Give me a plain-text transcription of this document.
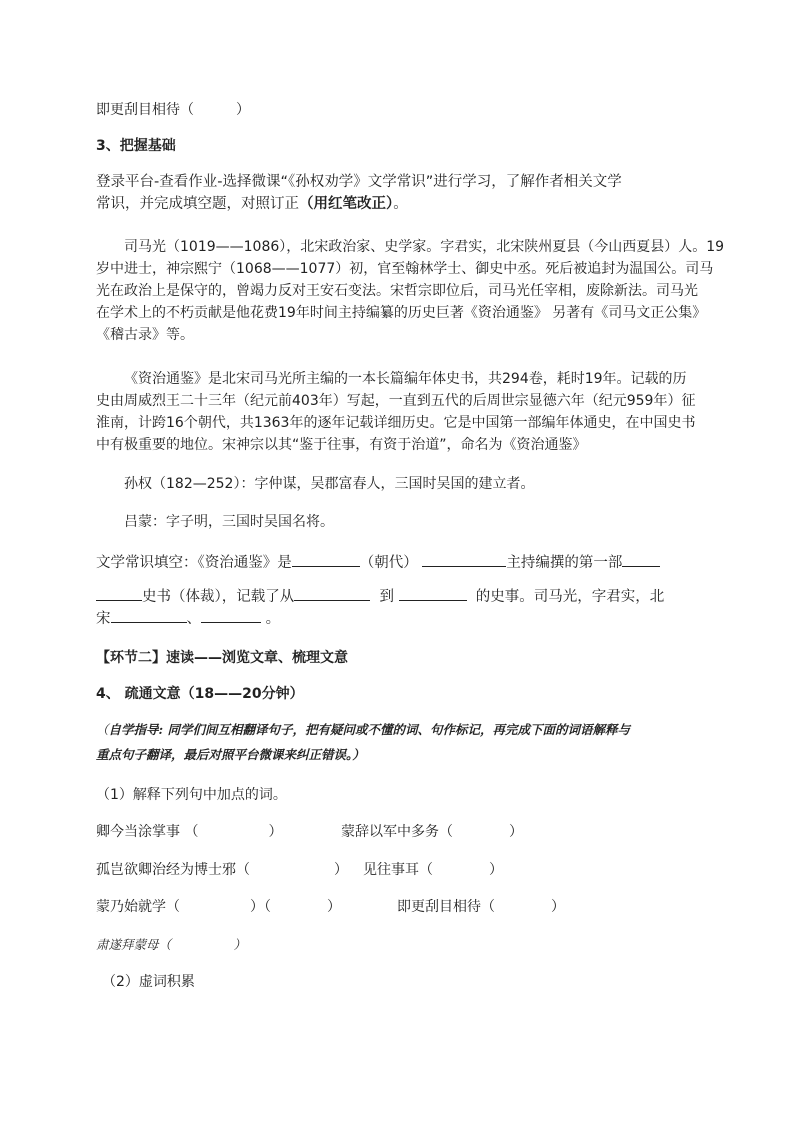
即更刮目相待（　　　）
3、把握基础
登录平台-查看作业-选择微课“《孙权劝学》文学常识”进行学习，了解作者相关文学
常识，并完成填空题，对照订正（用红笔改正）。
司马光（1019——1086），北宋政治家、史学家。字君实，北宋陕州夏县（今山西夏县）人。19
岁中进士，神宗熙宁（1068——1077）初，官至翰林学士、御史中丞。死后被追封为温国公。司马
光在政治上是保守的，曾竭力反对王安石变法。宋哲宗即位后，司马光任宰相，废除新法。司马光
在学术上的不朽贡献是他花费19年时间主持编纂的历史巨著《资治通鉴》 另著有《司马文正公集》
《稽古录》等。
《资治通鉴》是北宋司马光所主编的一本长篇编年体史书，共294卷，耗时19年。记载的历
史由周威烈王二十三年（纪元前403年）写起，一直到五代的后周世宗显德六年（纪元959年）征
淮南，计跨16个朝代，共1363年的逐年记载详细历史。它是中国第一部编年体通史，在中国史书
中有极重要的地位。宋神宗以其“鉴于往事，有资于治道”，命名为《资治通鉴》
孙权（182—252）：字仲谋，吴郡富春人，三国时吴国的建立者。
吕蒙：字子明，三国时吴国名将。
文学常识填空：《资治通鉴》是	（朝代）	主持编撰的第一部
史书（体裁），记载了从	到	的史事。司马光，字君实，北
宋	、	。
【环节二】速读——浏览文章、梳理文意
4、 疏通文意（18——20分钟）
（自学指导: 同学们间互相翻译句子，把有疑问或不懂的词、句作标记，再完成下面的词语解释与
重点句子翻译，最后对照平台微课来纠正错误。）
（1）解释下列句中加点的词。
卿今当涂掌事 （　　　　　）	蒙辞以军中多务（　　　　）
孤岂欲卿治经为博士邪（　　　　　　） 见往事耳（　　　　）
蒙乃始就学（　　　　　）（　　　　）	即更刮目相待（　　　　）
肃遂拜蒙母（　　　　　）
（2）虚词积累
